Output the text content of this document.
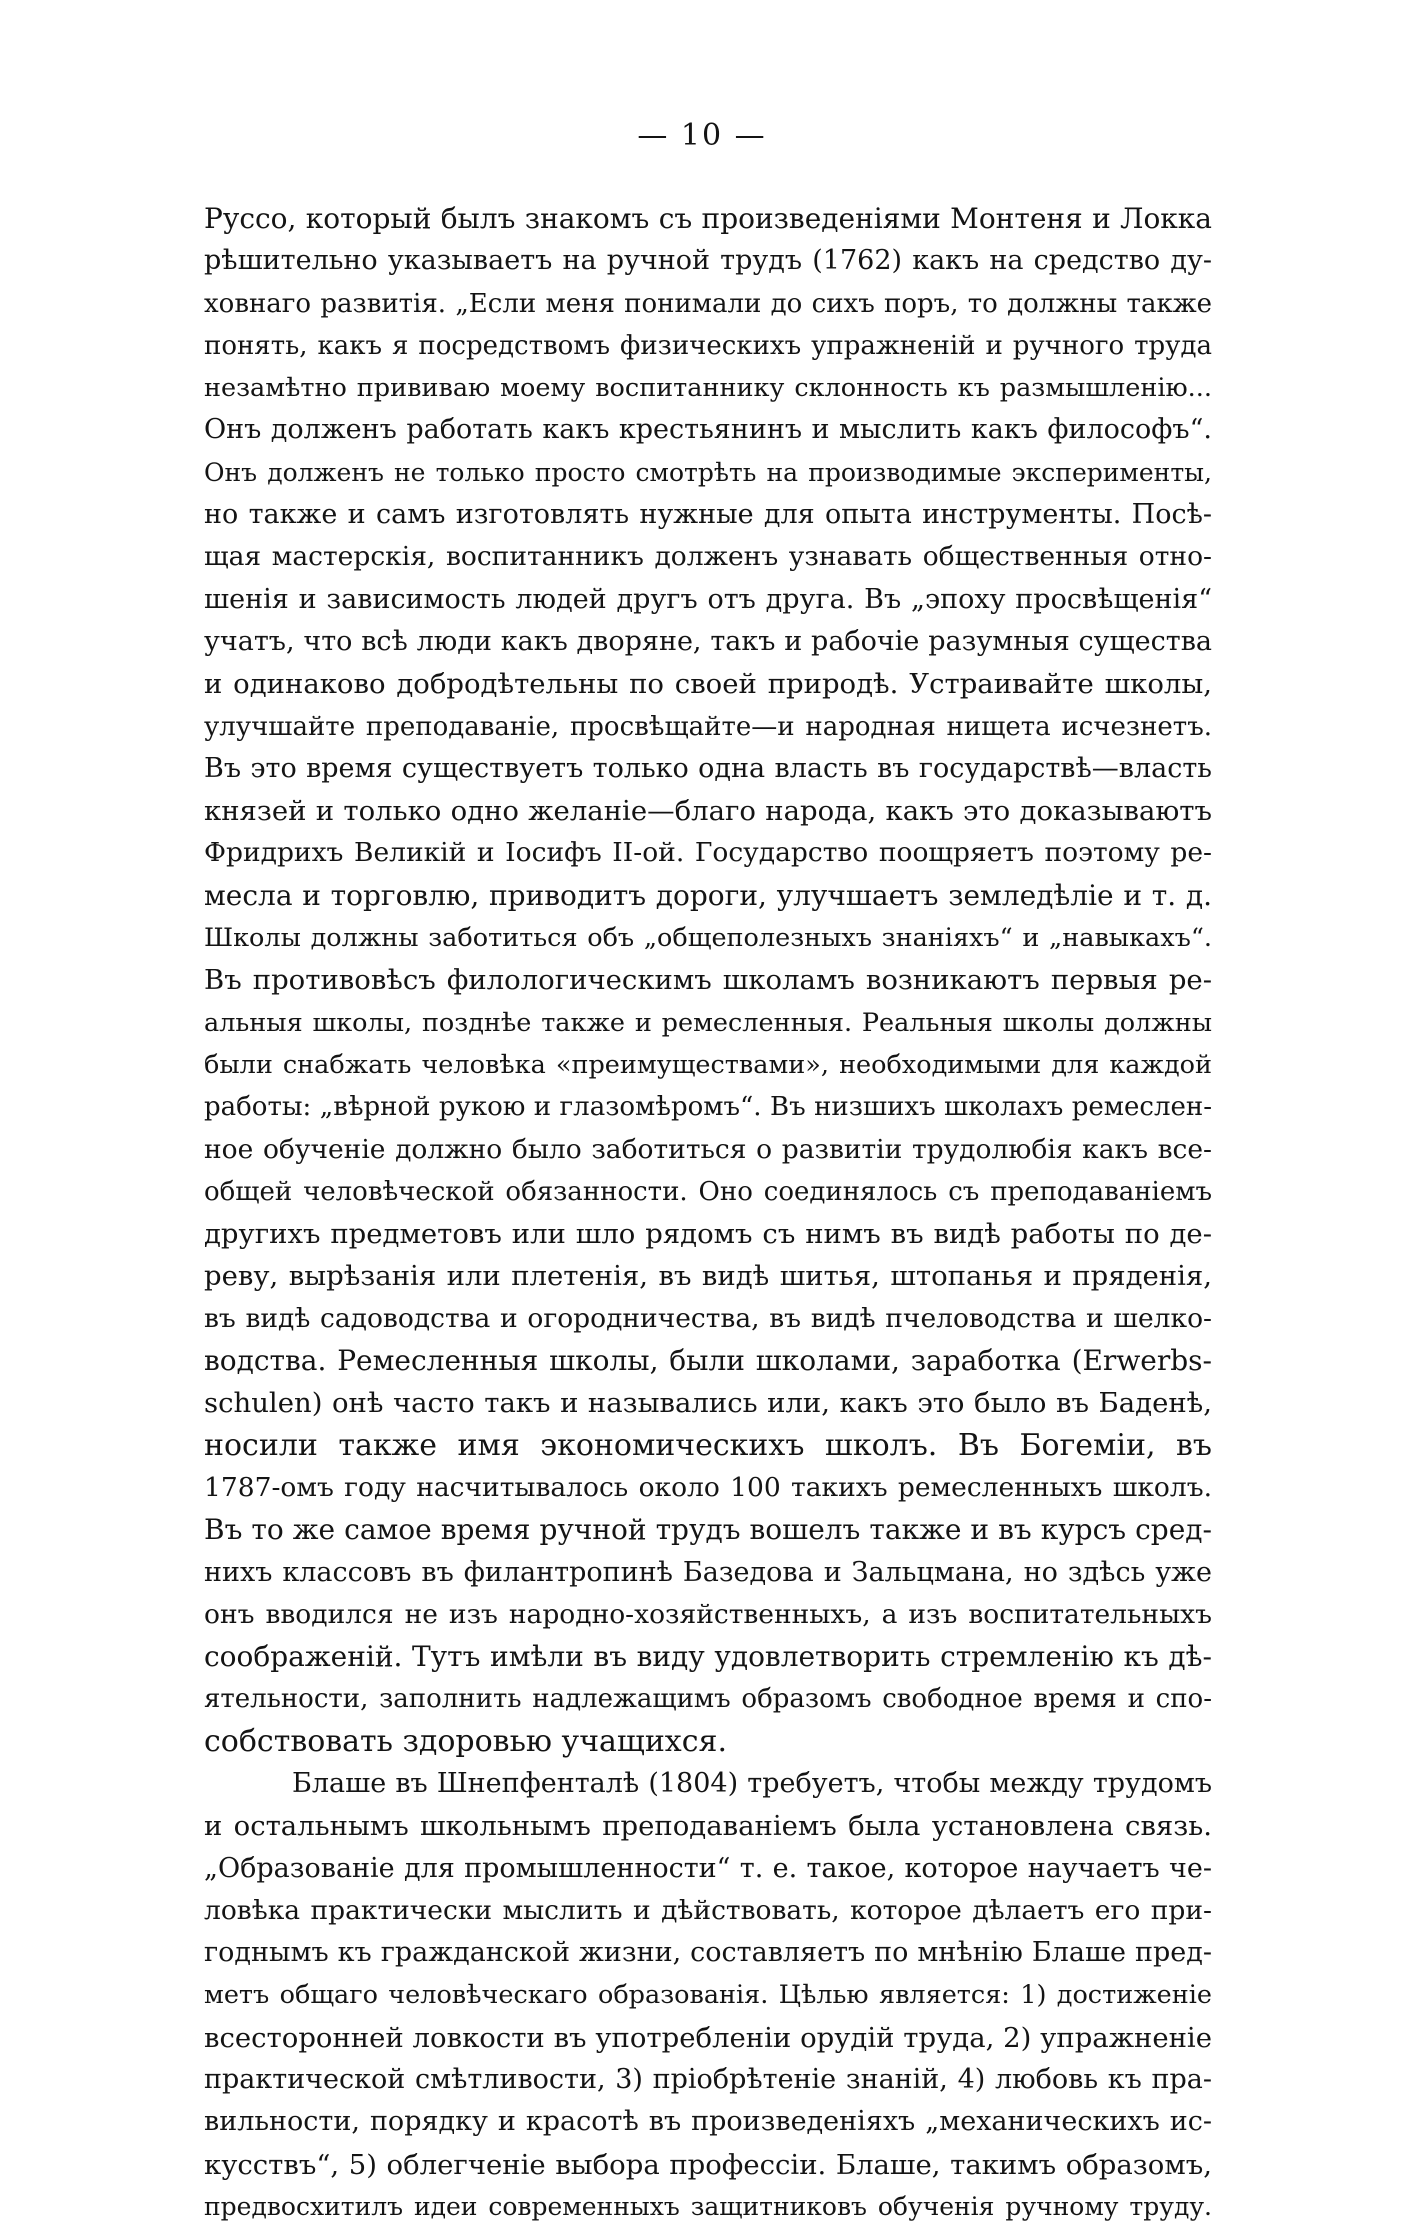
— 10 —
Руссо, который былъ знакомъ съ произведеніями Монтеня и Локка
рѣшительно указываетъ на ручной трудъ (1762) какъ на средство ду-
ховнаго развитія. „Если меня понимали до сихъ поръ, то должны также
понять, какъ я посредствомъ физическихъ упражненій и ручного труда
незамѣтно прививаю моему воспитаннику склонность къ размышленію...
Онъ долженъ работать какъ крестьянинъ и мыслить какъ философъ“.
Онъ долженъ не только просто смотрѣть на производимые эксперименты,
но также и самъ изготовлять нужные для опыта инструменты. Посѣ-
щая мастерскія, воспитанникъ долженъ узнавать общественныя отно-
шенія и зависимость людей другъ отъ друга. Въ „эпоху просвѣщенія“
учатъ, что всѣ люди какъ дворяне, такъ и рабочіе разумныя существа
и одинаково добродѣтельны по своей природѣ. Устраивайте школы,
улучшайте преподаваніе, просвѣщайте—и народная нищета исчезнетъ.
Въ это время существуетъ только одна власть въ государствѣ—власть
князей и только одно желаніе—благо народа, какъ это доказываютъ
Фридрихъ Великій и Іосифъ II-ой. Государство поощряетъ поэтому ре-
месла и торговлю, приводитъ дороги, улучшаетъ земледѣліе и т. д.
Школы должны заботиться объ „общеполезныхъ знаніяхъ“ и „навыкахъ“.
Въ противовѣсъ филологическимъ школамъ возникаютъ первыя ре-
альныя школы, позднѣе также и ремесленныя. Реальныя школы должны
были снабжать человѣка «преимуществами», необходимыми для каждой
работы: „вѣрной рукою и глазомѣромъ“. Въ низшихъ школахъ ремеслен-
ное обученіе должно было заботиться о развитіи трудолюбія какъ все-
общей человѣческой обязанности. Оно соединялось съ преподаваніемъ
другихъ предметовъ или шло рядомъ съ нимъ въ видѣ работы по де-
реву, вырѣзанія или плетенія, въ видѣ шитья, штопанья и пряденія,
въ видѣ садоводства и огородничества, въ видѣ пчеловодства и шелко-
водства. Ремесленныя школы, были школами, заработка (Erwerbs-
schulen) онѣ часто такъ и назывались или, какъ это было въ Баденѣ,
носили также имя экономическихъ школъ. Въ Богеміи, въ
1787-омъ году насчитывалось около 100 такихъ ремесленныхъ школъ.
Въ то же самое время ручной трудъ вошелъ также и въ курсъ сред-
нихъ классовъ въ филантропинѣ Базедова и Зальцмана, но здѣсь уже
онъ вводился не изъ народно-хозяйственныхъ, а изъ воспитательныхъ
соображеній. Тутъ имѣли въ виду удовлетворить стремленію къ дѣ-
ятельности, заполнить надлежащимъ образомъ свободное время и спо-
собствовать здоровью учащихся.
Блаше въ Шнепфенталѣ (1804) требуетъ, чтобы между трудомъ
и остальнымъ школьнымъ преподаваніемъ была установлена связь.
„Образованіе для промышленности“ т. е. такое, которое научаетъ че-
ловѣка практически мыслить и дѣйствовать, которое дѣлаетъ его при-
годнымъ къ гражданской жизни, составляетъ по мнѣнію Блаше пред-
метъ общаго человѣческаго образованія. Цѣлью является: 1) достиженіе
всесторонней ловкости въ употребленіи орудій труда, 2) упражненіе
практической смѣтливости, 3) пріобрѣтеніе знаній, 4) любовь къ пра-
вильности, порядку и красотѣ въ произведеніяхъ „механическихъ ис-
кусствъ“, 5) облегченіе выбора профессіи. Блаше, такимъ образомъ,
предвосхитилъ идеи современныхъ защитниковъ обученія ручному труду.
